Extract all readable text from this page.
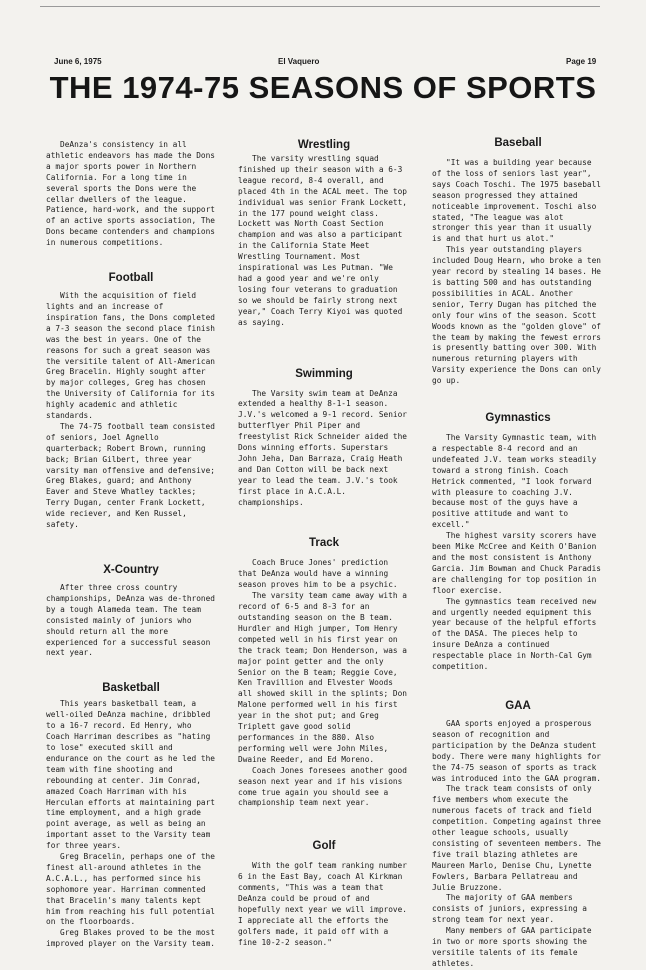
June 6, 1975	El Vaquero	Page 19
THE 1974-75 SEASONS OF SPORTS

DeAnza's consistency in all athletic endeavors has made the Dons a major sports power in Northern California. For a long time in several sports the Dons were the cellar dwellers of the league. Patience, hard-work, and the support of an active sports association, The Dons became contenders and champions in numerous competitions.

Football

With the acquisition of field lights and an increase of inspiration fans, the Dons completed a 7-3 season the second place finish was the best in years. One of the reasons for such a great season was the versitile talent of All-American Greg Bracelin. Highly sought after by major colleges, Greg has chosen the University of California for its highly academic and athletic standards.

The 74-75 football team consisted of seniors, Joel Agnello quarterback; Robert Brown, running back; Brian Gilbert, three year varsity man offensive and defensive; Greg Blakes, guard; and Anthony Eaver and Steve Whatley tackles; Terry Dugan, center Frank Lockett, wide reciever, and Ken Russel, safety.

X-Country

After three cross country championships, DeAnza was de-throned by a tough Alameda team. The team consisted mainly of juniors who should return all the more experienced for a successful season next year.

Basketball

This years basketball team, a well-oiled DeAnza machine, dribbled to a 16-7 record. Ed Henry, who Coach Harriman describes as "hating to lose" executed skill and endurance on the court as he led the team with fine shooting and rebounding at center. Jim Conrad, amazed Coach Harriman with his Herculan efforts at maintaining part time employment, and a high grade point average, as well as being an important asset to the Varsity team for three years.

Greg Bracelin, perhaps one of the finest all-around athletes in the A.C.A.L., has performed since his sophomore year. Harriman commented that Bracelin's many talents kept him from reaching his full potential on the floorboards.

Greg Blakes proved to be the most improved player on the Varsity team.

Wrestling

The varsity wrestling squad finished up their season with a 6-3 league record, 8-4 overall, and placed 4th in the ACAL meet. The top individual was senior Frank Lockett, in the 177 pound weight class. Lockett was North Coast Section champion and was also a participant in the California State Meet Wrestling Tournament. Most inspirational was Les Putman. "We had a good year and we're only losing four veterans to graduation so we should be fairly strong next year," Coach Terry Kiyoi was quoted as saying.

Swimming

The Varsity swim team at DeAnza extended a healthy 8-1-1 season. J.V.'s welcomed a 9-1 record. Senior butterflyer Phil Piper and freestylist Rick Schneider aided the Dons winning efforts. Superstars John Jeha, Dan Barraza, Craig Heath and Dan Cotton will be back next year to lead the team. J.V.'s took first place in A.C.A.L. championships.

Track

Coach Bruce Jones' prediction that DeAnza would have a winning season proves him to be a psychic.

The varsity team came away with a record of 6-5 and 8-3 for an outstanding season on the B team. Hurdler and High jumper, Tom Henry competed well in his first year on the track team; Don Henderson, was a major point getter and the only Senior on the B team; Reggie Cove, Ken Travillion and Elvester Woods all showed skill in the splints; Don Malone performed well in his first year in the shot put; and Greg Triplett gave good solid performances in the 880. Also performing well were John Miles, Dwaine Reeder, and Ed Moreno.

Coach Jones foresees another good season next year and if his visions come true again you should see a championship team next year.

Golf

With the golf team ranking number 6 in the East Bay, coach Al Kirkman comments, "This was a team that DeAnza could be proud of and hopefully next year we will improve. I appreciate all the efforts the golfers made, it paid off with a fine 10-2-2 season."

Baseball

"It was a building year because of the loss of seniors last year", says Coach Toschi. The 1975 baseball season progressed they attained noticeable improvement. Toschi also stated, "The league was alot stronger this year than it usually is and that hurt us alot."

This year outstanding players included Doug Hearn, who broke a ten year record by stealing 14 bases. He is batting 500 and has outstanding possibilities in ACAL. Another senior, Terry Dugan has pitched the only four wins of the season. Scott Woods known as the "golden glove" of the team by making the fewest errors is presently batting over 300. With numerous returning players with Varsity experience the Dons can only go up.

Gymnastics

The Varsity Gymnastic team, with a respectable 8-4 record and an undefeated J.V. team works steadily toward a strong finish. Coach Hetrick commented, "I look forward with pleasure to coaching J.V. because most of the guys have a positive attitude and want to excell."

The highest varsity scorers have been Mike McCree and Keith O'Banion and the most consistent is Anthony Garcia. Jim Bowman and Chuck Paradis are challenging for top position in floor exercise.

The gymnastics team received new and urgently needed equipment this year because of the helpful efforts of the DASA. The pieces help to insure DeAnza a continued respectable place in North-Cal Gym competition.

GAA

GAA sports enjoyed a prosperous season of recognition and participation by the DeAnza student body. There were many highlights for the 74-75 season of sports as track was introduced into the GAA program.

The track team consists of only five members whom execute the numerous facets of track and field competition. Competing against three other league schools, usually consisting of seventeen members. The five trail blazing athletes are Maureen Marlo, Denise Chu, Lynette Fowlers, Barbara Pellatreau and Julie Bruzzone.

The majority of GAA members consists of juniors, expressing a strong team for next year.

Many members of GAA participate in two or more sports showing the versitile talents of its female athletes.
